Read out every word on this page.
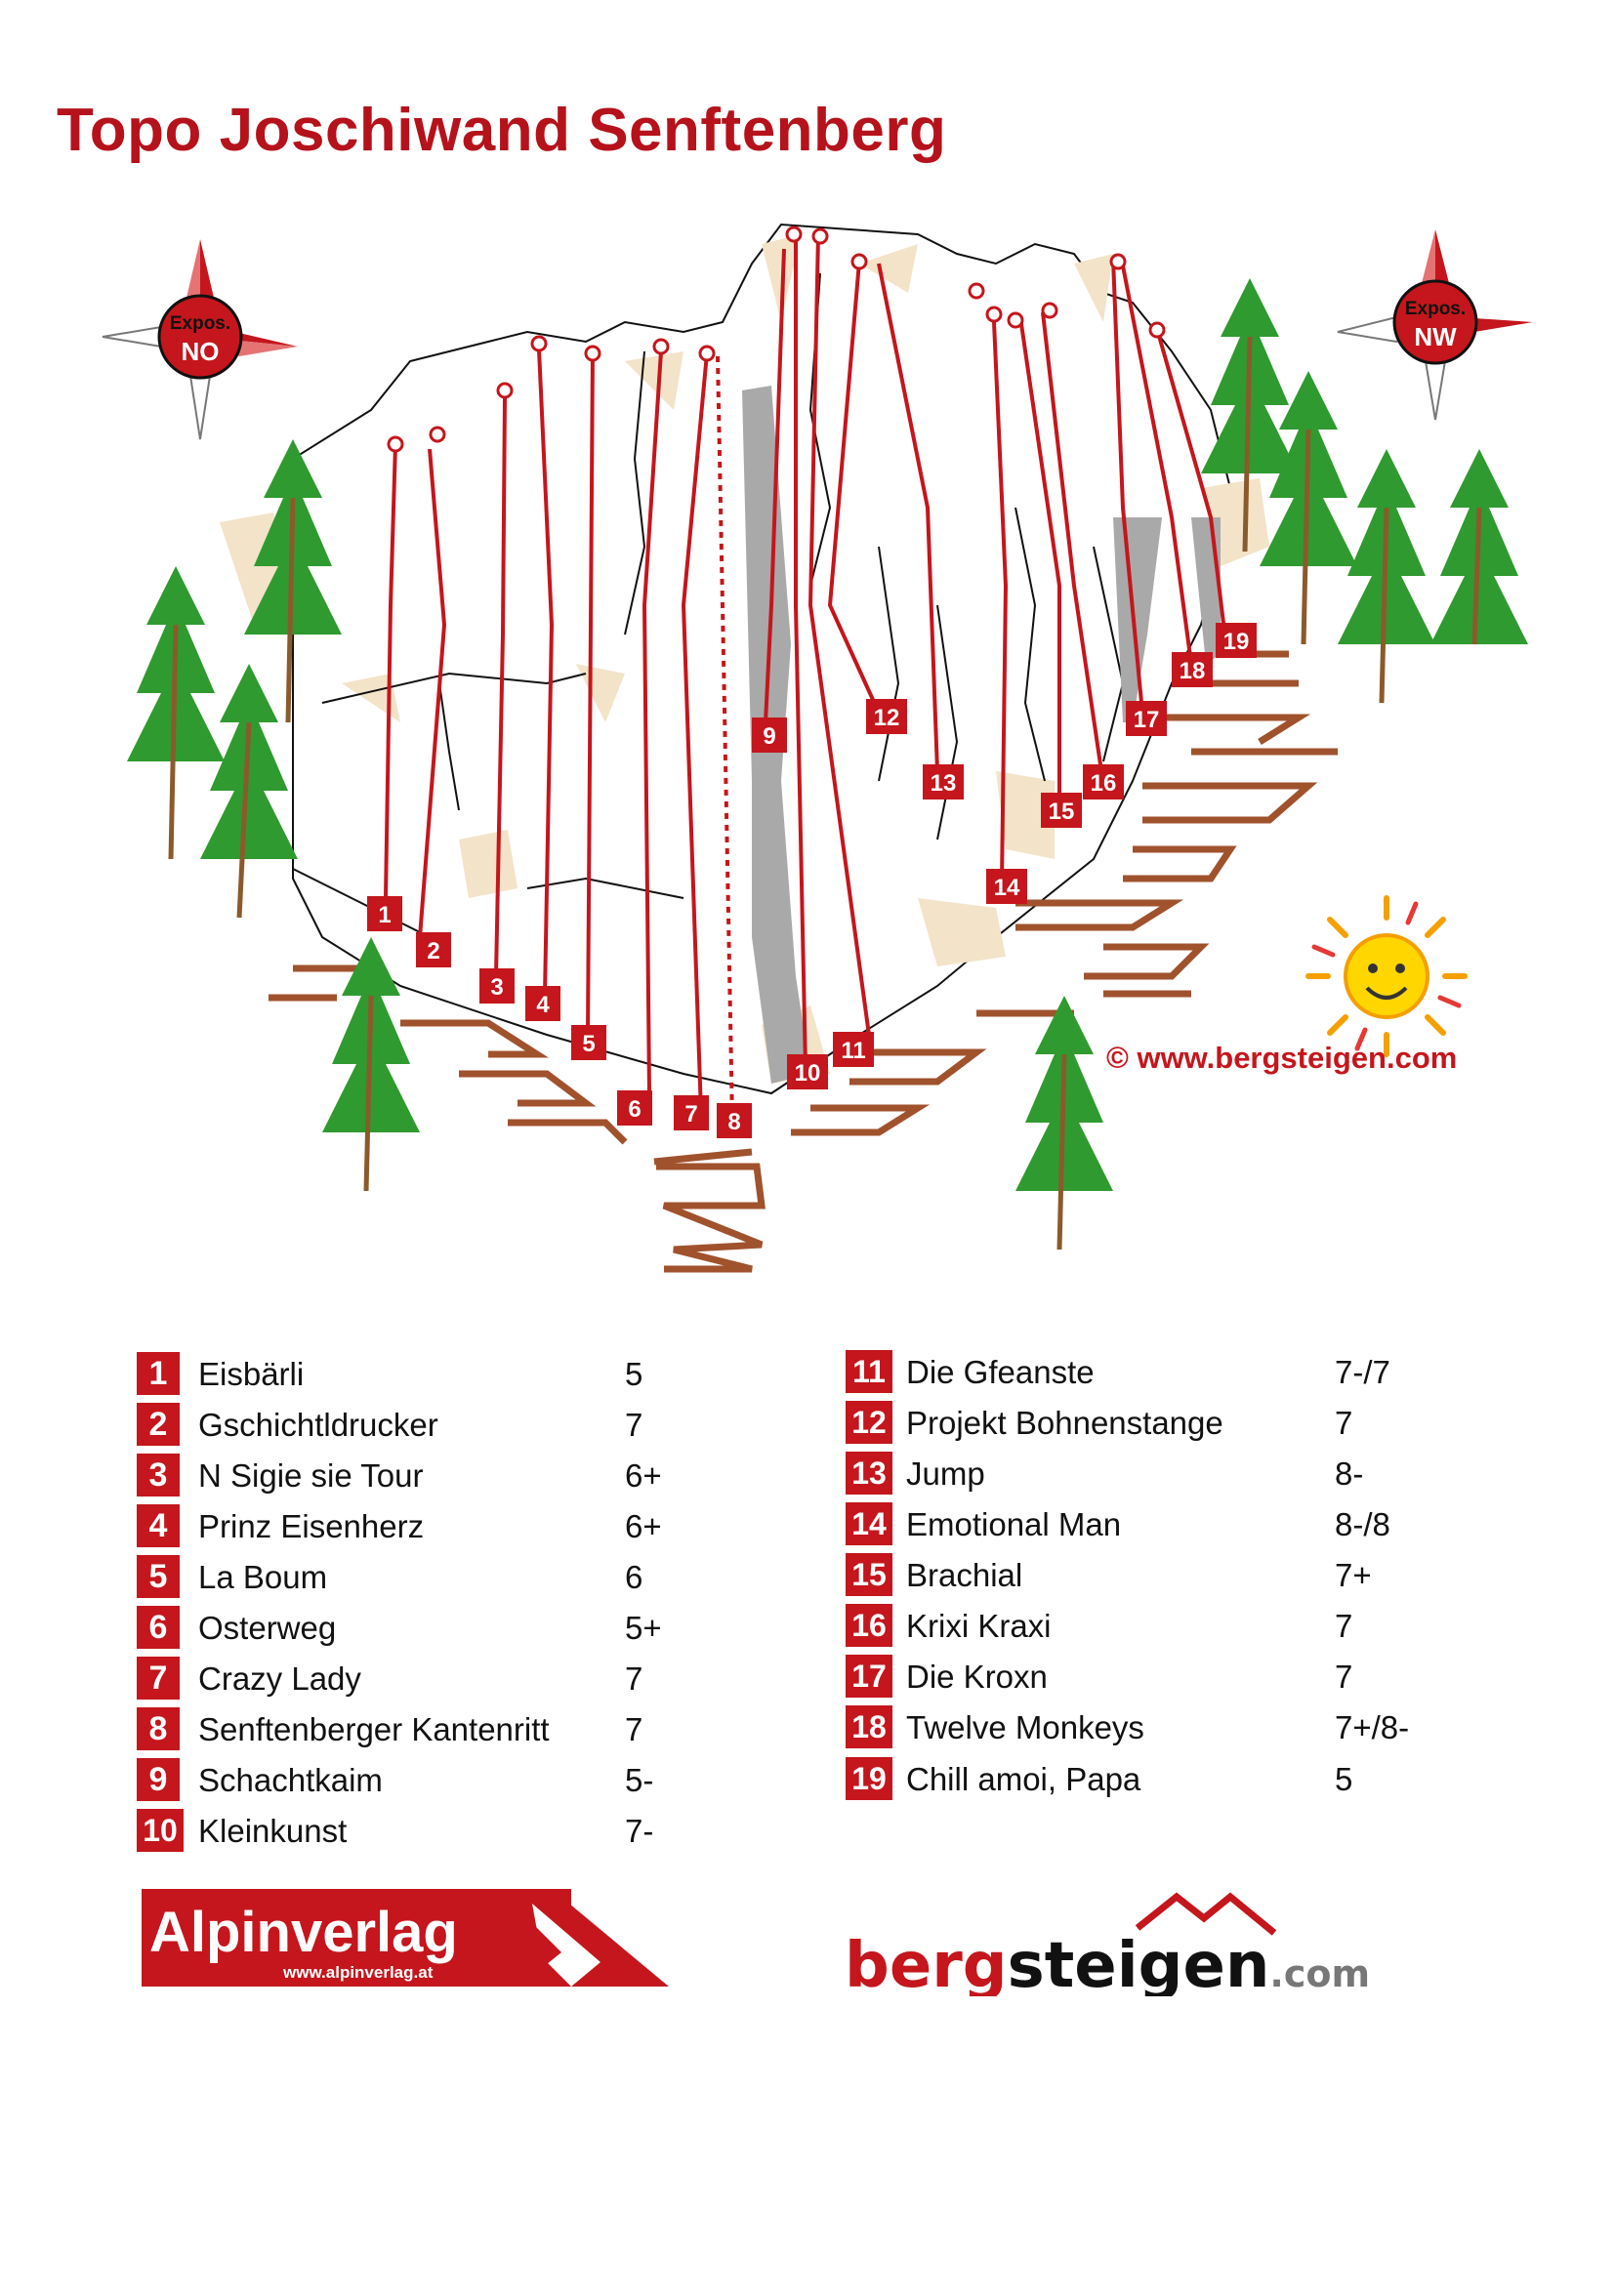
Topo Joschiwand Senftenberg
1
2
3
4
5
6 7 8
9
10
11
12
13
14
15
16
17
18
19
Expos.
NO
Expos.
NW
© www.bergsteigen.com
1 Eisbärli	5
2 Gschichtldrucker	7
3 N Sigie sie Tour	6+
4 Prinz Eisenherz	6+
5 La Boum	6
6 Osterweg	5+
7 Crazy Lady	7
8 Senftenberger Kantenritt 7
9 Schachtkaim	5-
10 Kleinkunst	7-
11 Die Gfeanste	7-/7
12 Projekt Bohnenstange	7
13 Jump	8-
14 Emotional Man	8-/8
15 Brachial	7+
16 Krixi Kraxi	7
17 Die Kroxn	7
18 Twelve Monkeys	7+/8-
19 Chill amoi, Papa	5
Alpinverlag
www.alpinverlag.at	bergsteigen.com
